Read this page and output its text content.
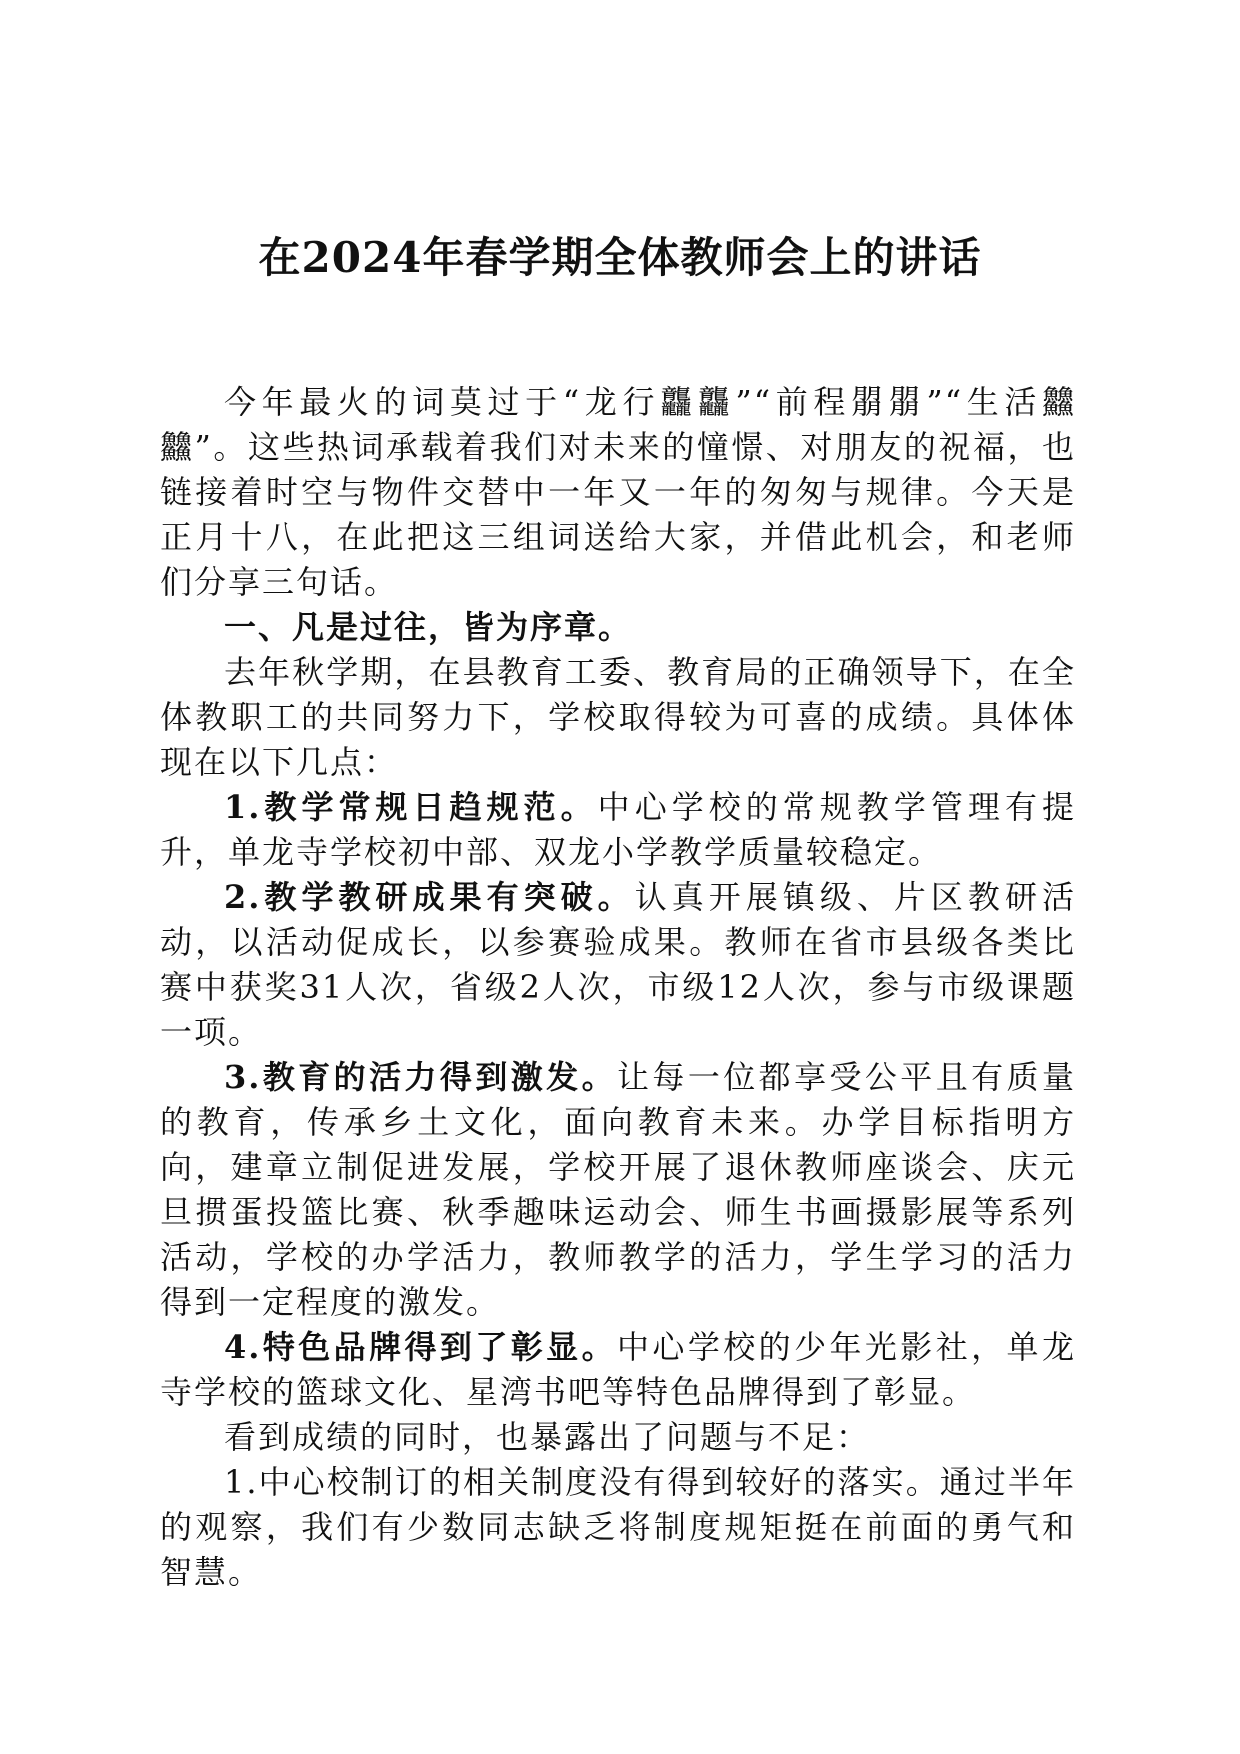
在2024年春学期全体教师会上的讲话

今年最火的词莫过于“龙行龘龘”“前程朤朤”“生活䲜䲜”。这些热词承载着我们对未来的憧憬、对朋友的祝福，也链接着时空与物件交替中一年又一年的匆匆与规律。今天是正月十八，在此把这三组词送给大家，并借此机会，和老师们分享三句话。

一、凡是过往，皆为序章。

去年秋学期，在县教育工委、教育局的正确领导下，在全体教职工的共同努力下，学校取得较为可喜的成绩。具体体现在以下几点：

1.教学常规日趋规范。中心学校的常规教学管理有提升，单龙寺学校初中部、双龙小学教学质量较稳定。

2.教学教研成果有突破。认真开展镇级、片区教研活动，以活动促成长，以参赛验成果。教师在省市县级各类比赛中获奖31人次，省级2人次，市级12人次，参与市级课题一项。

3.教育的活力得到激发。让每一位都享受公平且有质量的教育，传承乡土文化，面向教育未来。办学目标指明方向，建章立制促进发展，学校开展了退休教师座谈会、庆元旦掼蛋投篮比赛、秋季趣味运动会、师生书画摄影展等系列活动，学校的办学活力，教师教学的活力，学生学习的活力得到一定程度的激发。

4.特色品牌得到了彰显。中心学校的少年光影社，单龙寺学校的篮球文化、星湾书吧等特色品牌得到了彰显。

看到成绩的同时，也暴露出了问题与不足：

1.中心校制订的相关制度没有得到较好的落实。通过半年的观察，我们有少数同志缺乏将制度规矩挺在前面的勇气和智慧。
